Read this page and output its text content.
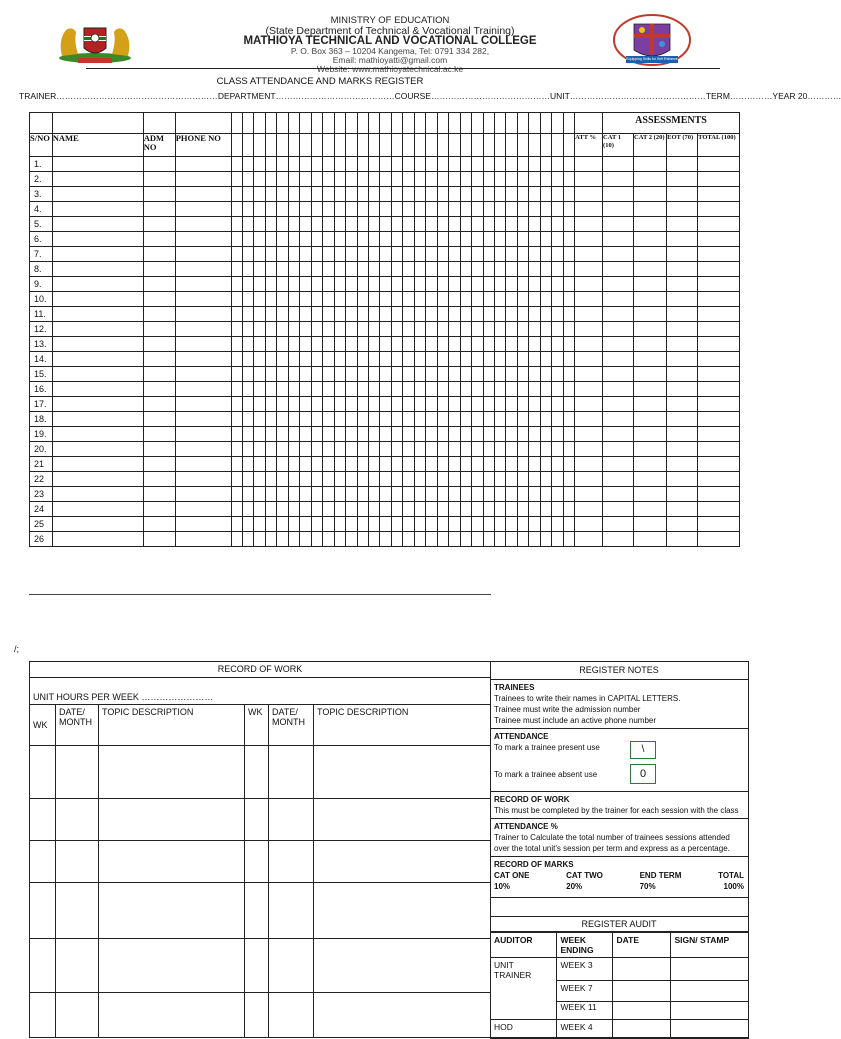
MINISTRY OF EDUCATION
(State Department of Technical & Vocational Training)
MATHIOYA TECHNICAL AND VOCATIONAL COLLEGE
P. O. Box 363 – 10204 Kangema, Tel: 0791 334 282,
Email: mathioyatti@gmail.com
Website: www.mathioyatechnical.ac.ke
Equipping Skills for Self Reliance
CLASS ATTENDANCE AND MARKS REGISTER
TRAINER…………………………………………………DEPARTMENT……………………………………COURSE……………………………………UNIT…………………………………………TERM……………YEAR 20…………
																																			ASSESSMENTS			
S/NO	NAME	ADM NO	PHONE NO																															ATT %	CAT 1 (10)	CAT 2 (20)	EOT (70)	TOTAL (100)
1.																																						
2.																																						
3.																																						
4.																																						
5.																																						
6.																																						
7.																																						
8.																																						
9.																																						
10.																																						
11.																																						
12.																																						
13.																																						
14.																																						
15.																																						
16.																																						
17.																																						
18.																																						
19.																																						
20.																																						
21																																						
22																																						
23																																						
24																																						
25																																						
26																																						
/;
RECORD OF WORK					
UNIT HOURS PER WEEK ……………………					
WK	DATE/ MONTH	TOPIC DESCRIPTION	WK	DATE/ MONTH	TOPIC DESCRIPTION

REGISTER NOTES
TRAINEES
Trainees to write their names in CAPITAL LETTERS.
Trainee must write the admission number
Trainee must include an active phone number
ATTENDANCE
To mark a trainee present use	\
To mark a trainee absent use	0
RECORD OF WORK
This must be completed by the trainer for each session with the class
ATTENDANCE %
Trainer to Calculate the total number of trainees sessions attended over the total unit's session per term and express as a percentage.
RECORD OF MARKS
CAT ONE
10%
CAT TWO
20%
END TERM
70%
TOTAL
100%
REGISTER AUDIT
AUDITOR	WEEK ENDING	DATE	SIGN/ STAMP
UNIT TRAINER	WEEK 3		
	WEEK 7		
	WEEK 11		
HOD	WEEK 4		
